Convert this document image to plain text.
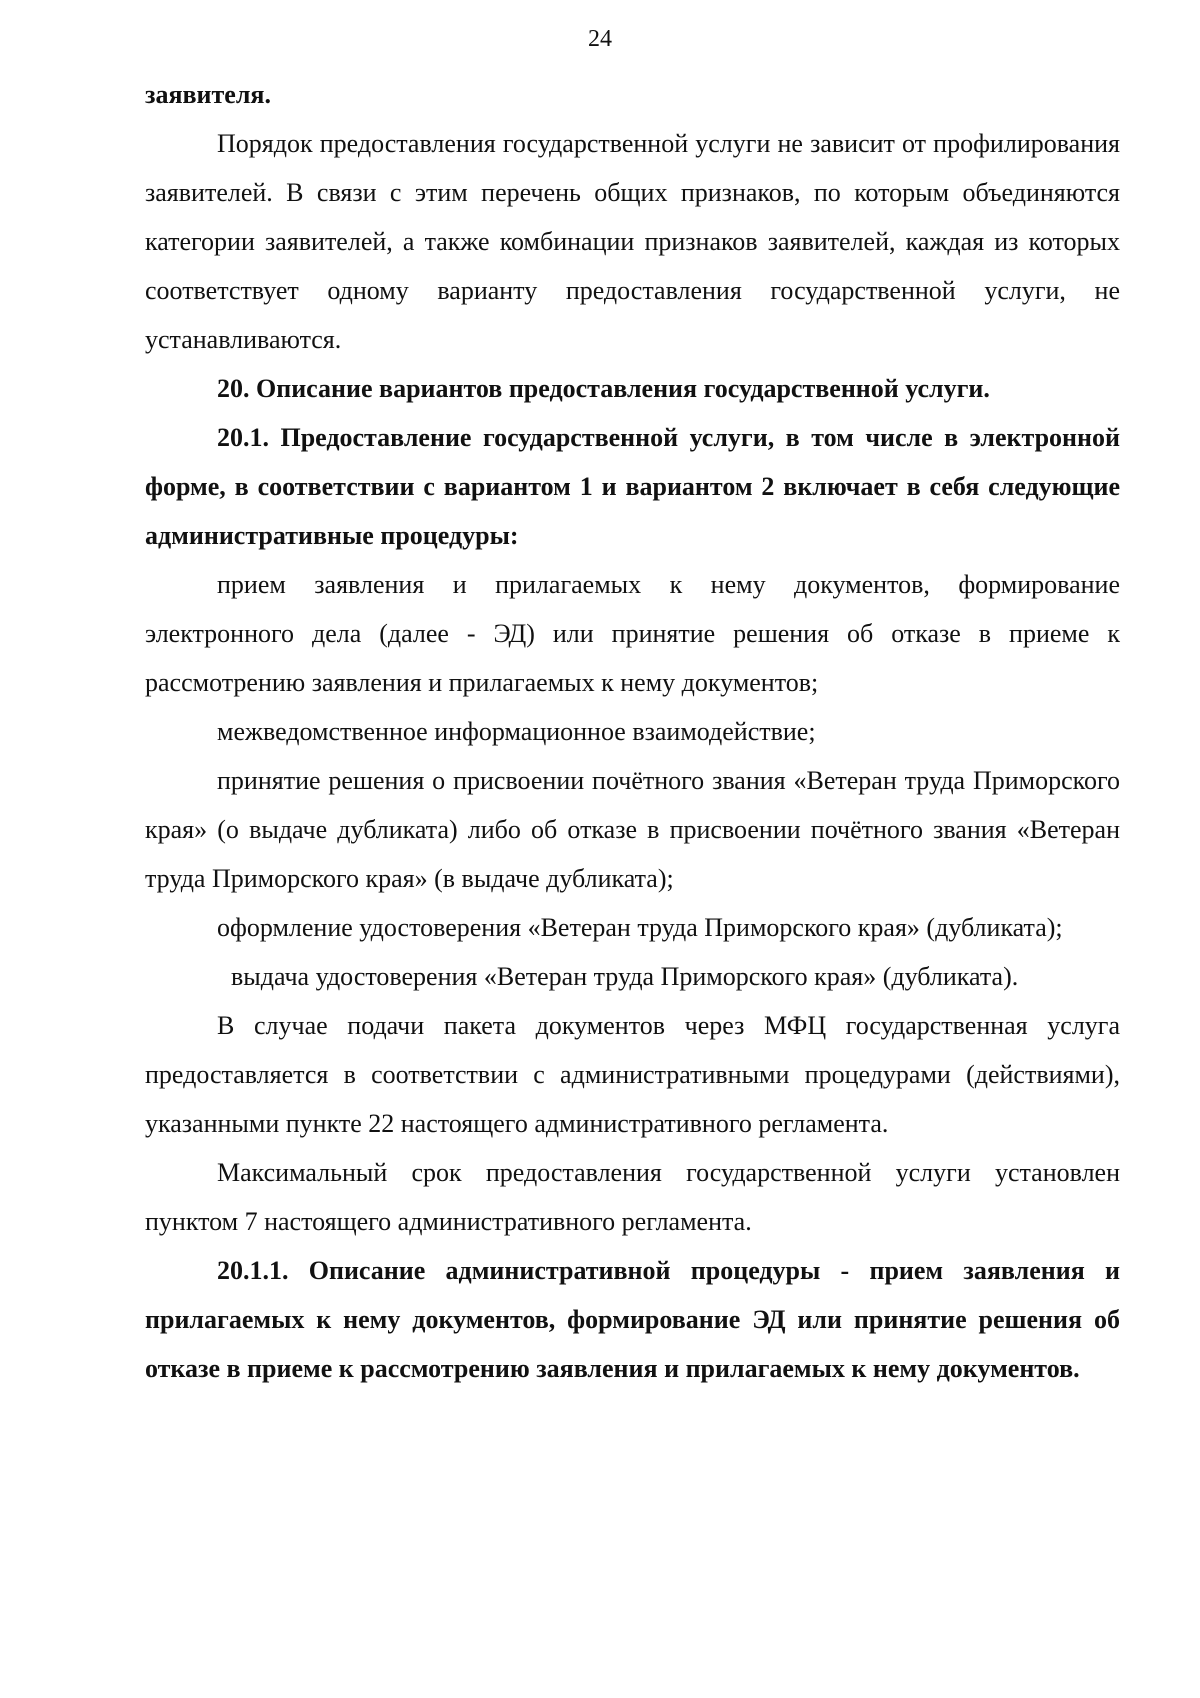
24

заявителя.

Порядок предоставления государственной услуги не зависит от профилирования заявителей. В связи с этим перечень общих признаков, по которым объединяются категории заявителей, а также комбинации признаков заявителей, каждая из которых соответствует одному варианту предоставления государственной услуги, не устанавливаются.

20. Описание вариантов предоставления государственной услуги.

20.1. Предоставление государственной услуги, в том числе в электронной форме, в соответствии с вариантом 1 и вариантом 2 включает в себя следующие административные процедуры:

прием заявления и прилагаемых к нему документов, формирование электронного дела (далее - ЭД) или принятие решения об отказе в приеме к рассмотрению заявления и прилагаемых к нему документов;

межведомственное информационное взаимодействие;

принятие решения о присвоении почётного звания «Ветеран труда Приморского края» (о выдаче дубликата) либо об отказе в присвоении почётного звания «Ветеран труда Приморского края» (в выдаче дубликата);

оформление удостоверения «Ветеран труда Приморского края» (дубликата);

выдача удостоверения «Ветеран труда Приморского края» (дубликата).

В случае подачи пакета документов через МФЦ государственная услуга предоставляется в соответствии с административными процедурами (действиями), указанными пункте 22 настоящего административного регламента.

Максимальный срок предоставления государственной услуги установлен пунктом 7 настоящего административного регламента.

20.1.1. Описание административной процедуры - прием заявления и прилагаемых к нему документов, формирование ЭД или принятие решения об отказе в приеме к рассмотрению заявления и прилагаемых к нему документов.
